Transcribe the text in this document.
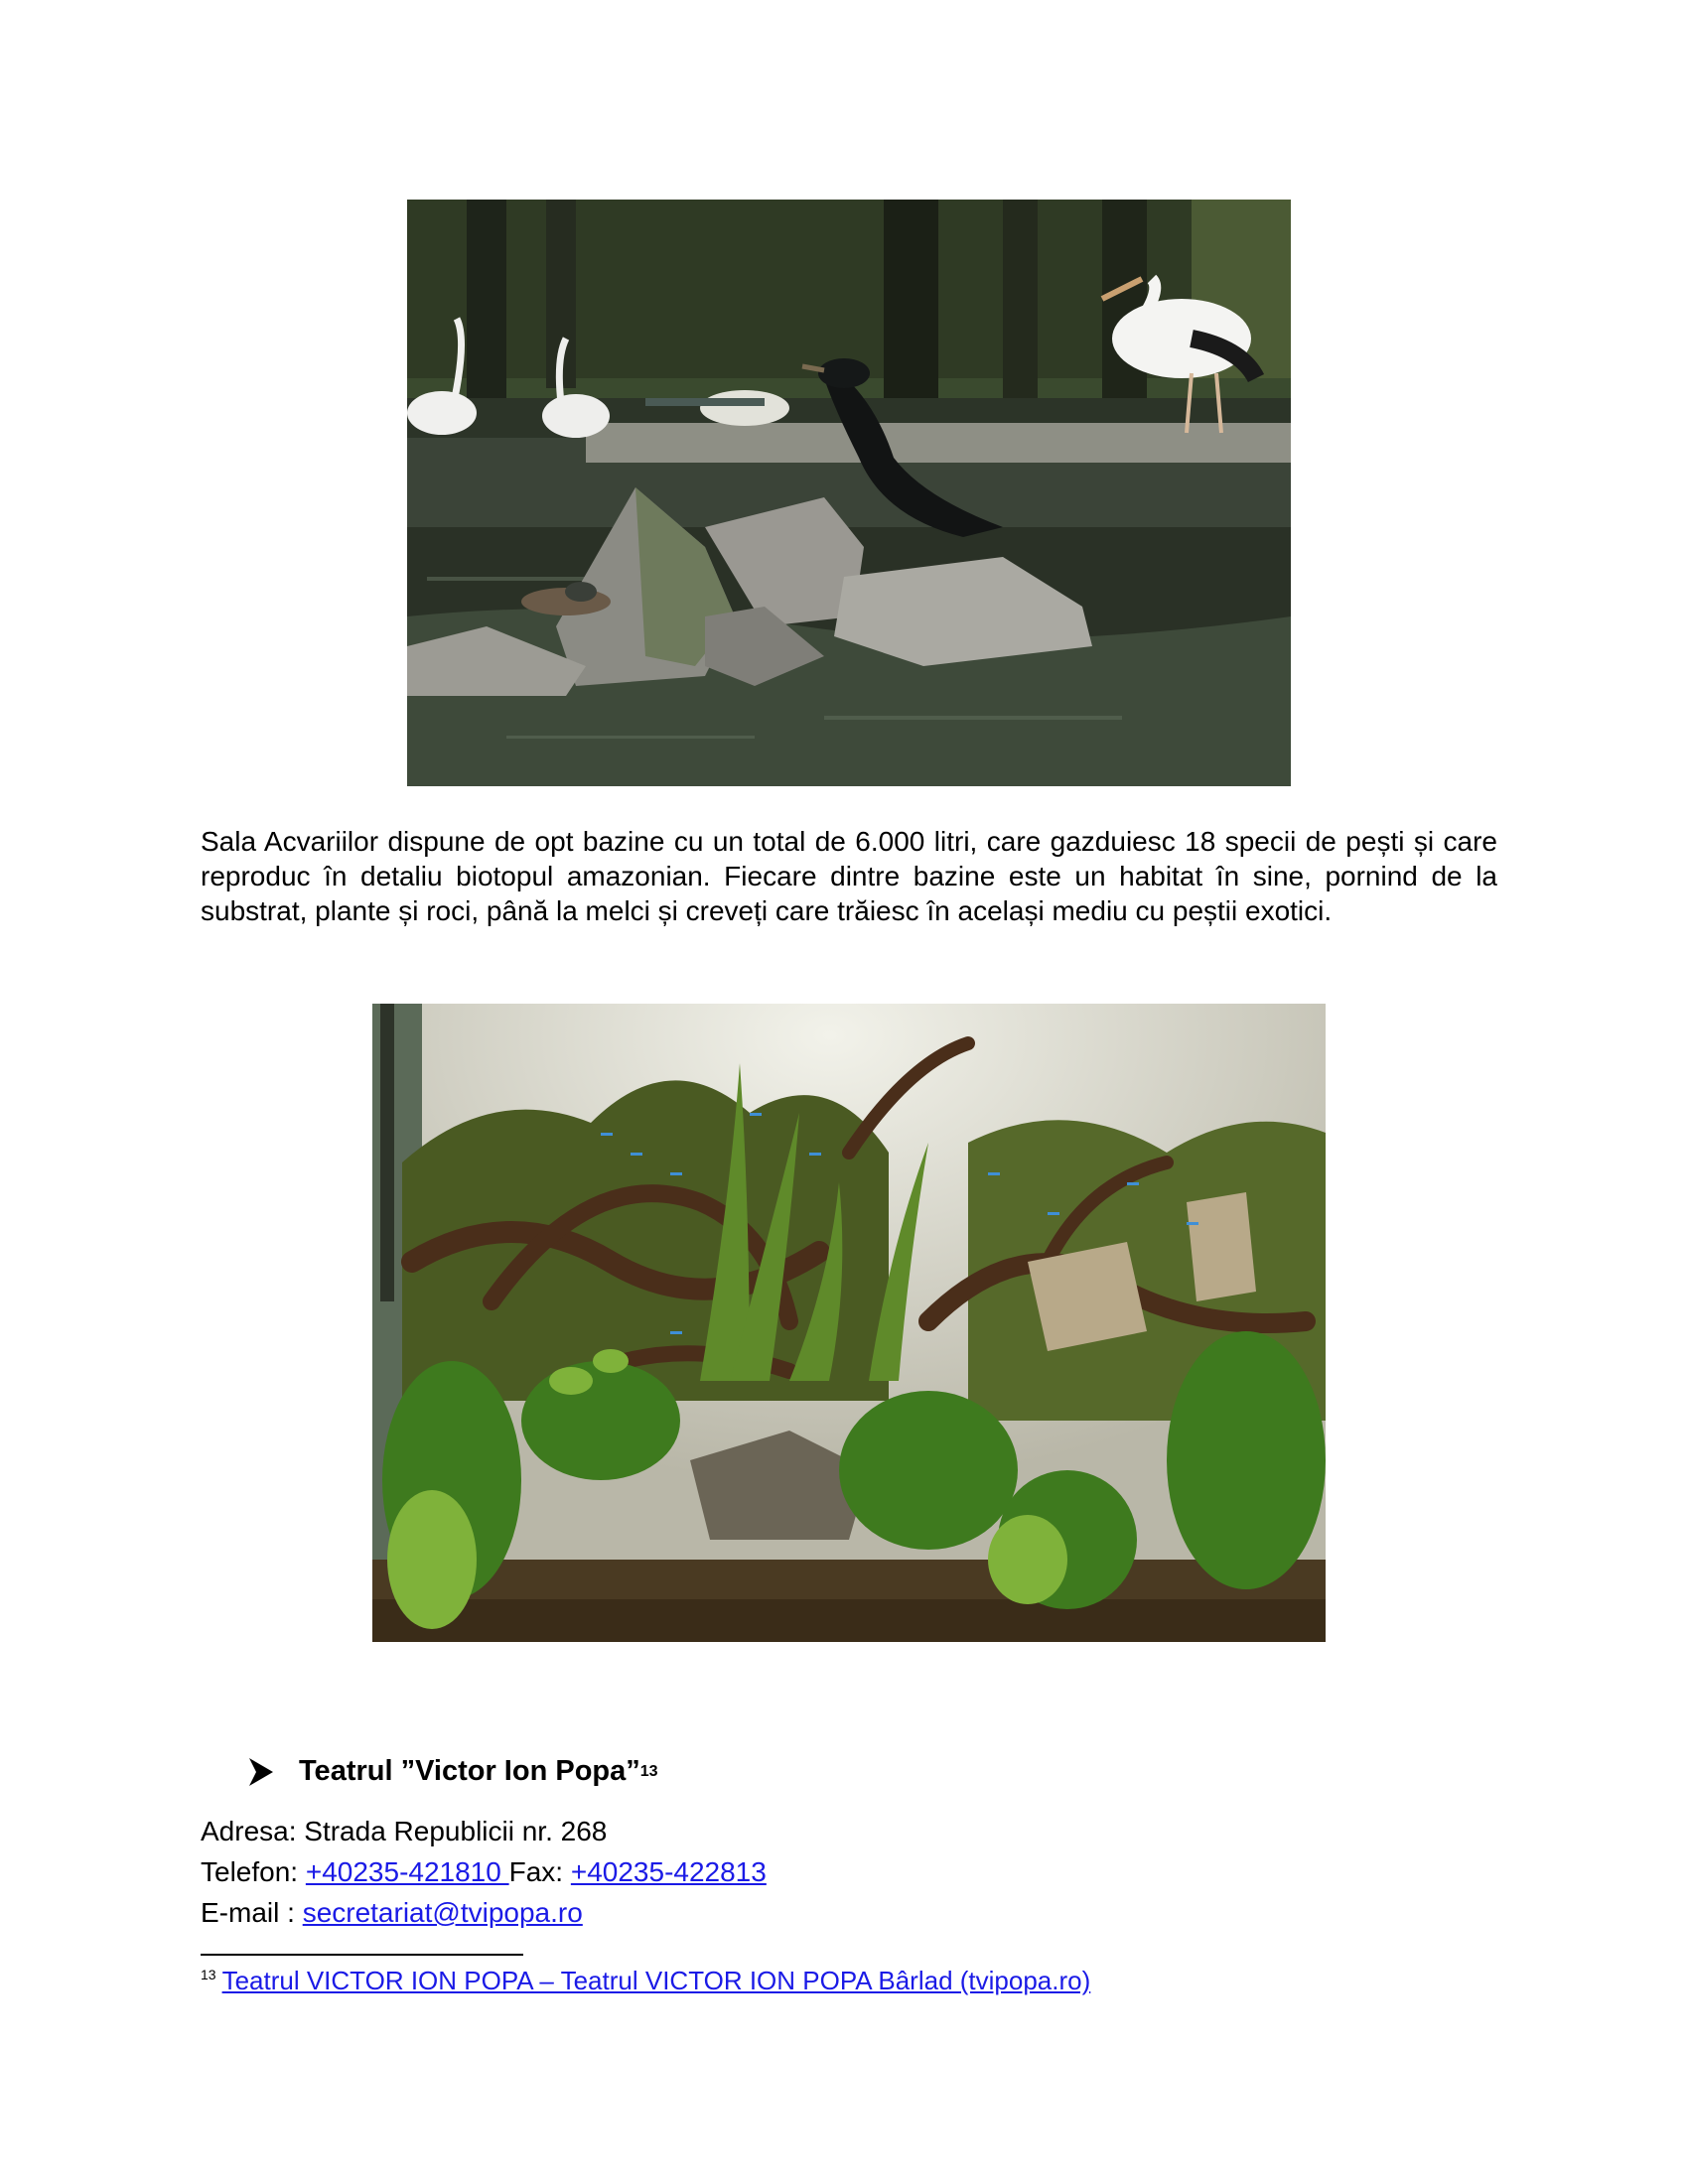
Sala Acvariilor dispune de opt bazine cu un total de 6.000 litri, care gazduiesc 18 specii de pești și care reproduc în detaliu biotopul amazonian. Fiecare dintre bazine este un habitat în sine, pornind de la substrat, plante și roci, până la melci și creveți care trăiesc în același mediu cu peștii exotici.

Teatrul ”Victor Ion Popa” 13

Adresa: Strada Republicii nr. 268

Telefon: +40235-421810 Fax: +40235-422813

E-mail : secretariat@tvipopa.ro

$^{13}$ Teatrul VICTOR ION POPA – Teatrul VICTOR ION POPA Bârlad (tvipopa.ro)
